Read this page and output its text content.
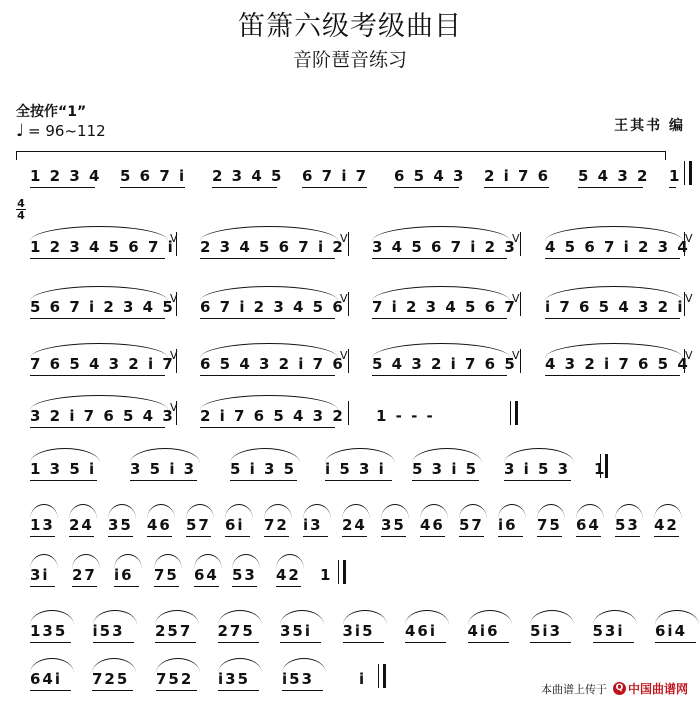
笛箫六级考级曲目
音阶琶音练习
全按作“1”
♩ = 96~112	王其书 编
4
4
1 2 3 4 5 6 7 i 2 3 4 5 6 7 i 7 6 5 4 3 2 i 7 6 5 4 3 2 1
1 2 3 4 5 6 7 i
V 2 3 4 5 6 7 i 2
V 3 4 5 6 7 i 2 3
V 4 5 6 7 i 2 3 4
V
5 6 7 i 2 3 4 5
V 6 7 i 2 3 4 5 6
V 7 i 2 3 4 5 6 7
V i 7 6 5 4 3 2 i V
7 6 5 4 3 2 i 7
V 6 5 4 3 2 i 7 6
V 5 4 3 2 i 7 6 5
V 4 3 2 i 7 6 5 4
V
3 2 i 7 6 5 4 3
V 2 i 7 6 5 4 3 2 1 - - -
1 3 5 i 3 5 i 3 5 i 3 5 i 5 3 i	5 3 i 5 3 i 5 3 1
13 24 35 46 57 6i	72 i3	24 35 46 57 i6	75 64 53 42
3i	27 i6	75 64 53 42 1
135	i53	257	275	35i	3i5	46i	4i6	5i3	53i	6i4
64i	725	752	i35	i53	i
本曲谱上传于 Q 中国曲谱网
